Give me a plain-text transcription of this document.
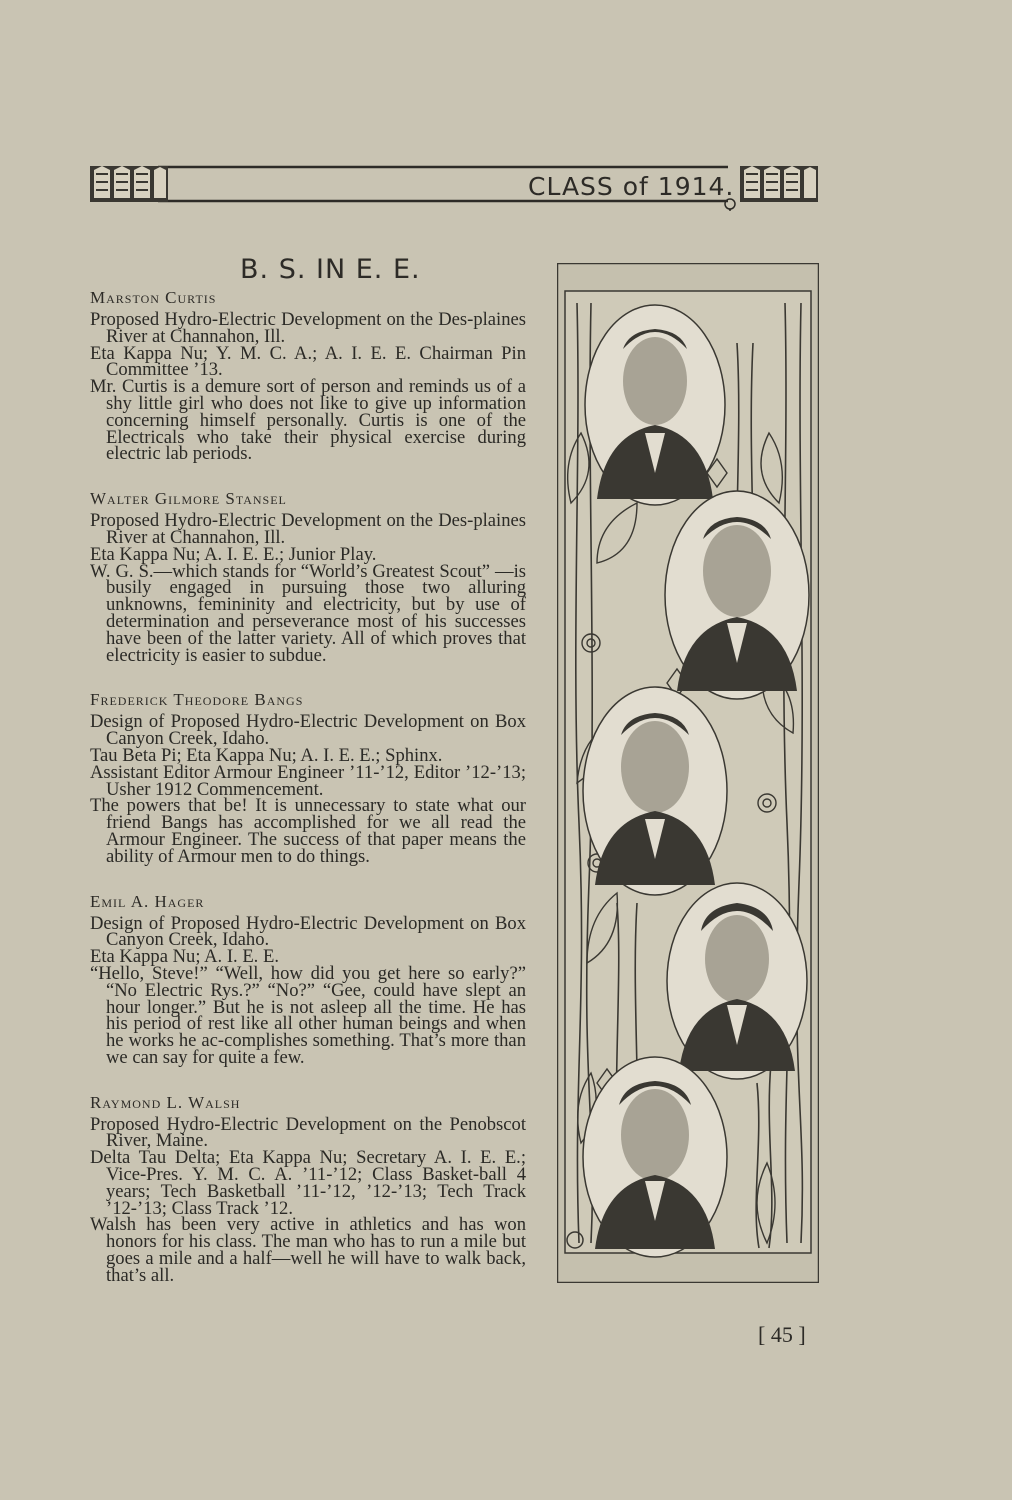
CLASS of 1914.
B. S. IN E. E.
Marston Curtis

Proposed Hydro-Electric Development on the Des-plaines River at Channahon, Ill.

Eta Kappa Nu; Y. M. C. A.; A. I. E. E. Chairman Pin Committee ’13.

Mr. Curtis is a demure sort of person and reminds us of a shy little girl who does not like to give up information concerning himself personally. Curtis is one of the Electricals who take their physical exercise during electric lab periods.

Walter Gilmore Stansel

Proposed Hydro-Electric Development on the Des-plaines River at Channahon, Ill.

Eta Kappa Nu; A. I. E. E.; Junior Play.

W. G. S.—which stands for “World’s Greatest Scout” —is busily engaged in pursuing those two alluring unknowns, femininity and electricity, but by use of determination and perseverance most of his successes have been of the latter variety. All of which proves that electricity is easier to subdue.

Frederick Theodore Bangs

Design of Proposed Hydro-Electric Development on Box Canyon Creek, Idaho.

Tau Beta Pi; Eta Kappa Nu; A. I. E. E.; Sphinx.

Assistant Editor Armour Engineer ’11-’12, Editor ’12-’13; Usher 1912 Commencement.

The powers that be! It is unnecessary to state what our friend Bangs has accomplished for we all read the Armour Engineer. The success of that paper means the ability of Armour men to do things.

Emil A. Hager

Design of Proposed Hydro-Electric Development on Box Canyon Creek, Idaho.

Eta Kappa Nu; A. I. E. E.

“Hello, Steve!” “Well, how did you get here so early?” “No Electric Rys.?” “No?” “Gee, could have slept an hour longer.” But he is not asleep all the time. He has his period of rest like all other human beings and when he works he ac-complishes something. That’s more than we can say for quite a few.

Raymond L. Walsh

Proposed Hydro-Electric Development on the Penobscot River, Maine.

Delta Tau Delta; Eta Kappa Nu; Secretary A. I. E. E.; Vice-Pres. Y. M. C. A. ’11-’12; Class Basket-ball 4 years; Tech Basketball ’11-’12, ’12-’13; Tech Track ’12-’13; Class Track ’12.

Walsh has been very active in athletics and has won honors for his class. The man who has to run a mile but goes a mile and a half—well he will have to walk back, that’s all.

[ 45 ]
